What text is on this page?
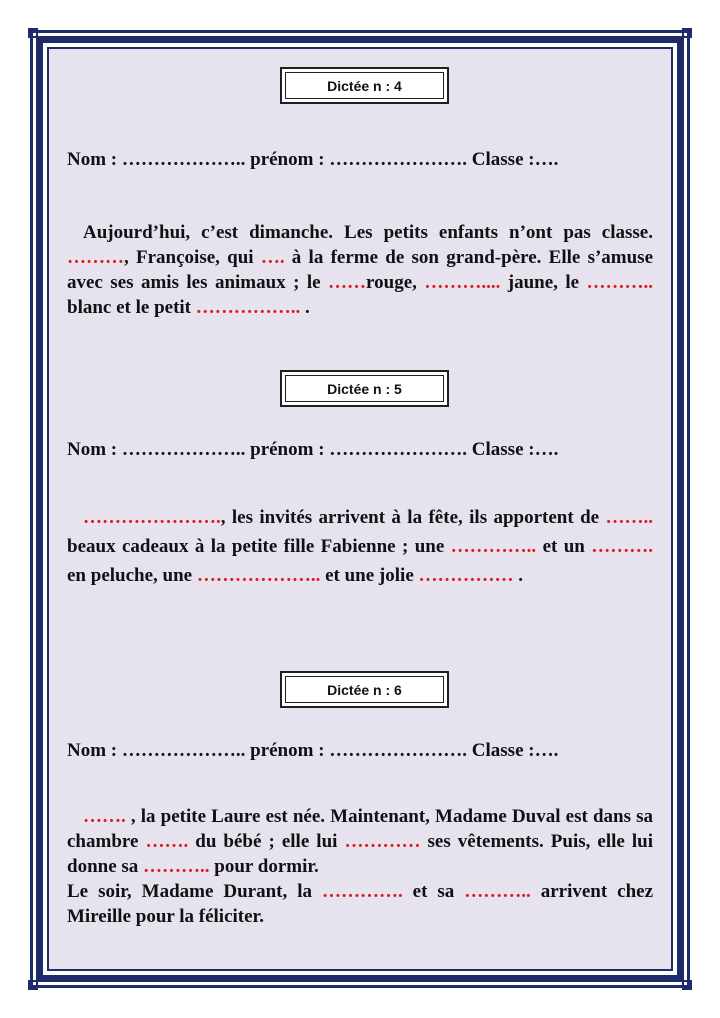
Dictée n : 4
Nom : ……………….. prénom : …………………. Classe :….
Aujourd’hui, c’est dimanche. Les petits enfants n’ont pas classe. ………, Françoise, qui …. à la ferme de son grand-père. Elle s’amuse avec ses amis les animaux ; le ……rouge, ……….... jaune, le ……….. blanc et le petit …………….. .
Dictée n : 5
Nom : ……………….. prénom : …………………. Classe :….
…………………., les invités arrivent à la fête, ils apportent de …….. beaux cadeaux à la petite fille Fabienne ; une ………….. et un ………. en peluche, une ……………….. et une jolie …………… .
Dictée n : 6
Nom : ……………….. prénom : …………………. Classe :….
……. , la petite Laure est née. Maintenant, Madame Duval est dans sa chambre ……. du bébé ; elle lui ………… ses vêtements. Puis, elle lui donne sa ……….. pour dormir.
Le soir, Madame Durant, la …………. et sa ……….. arrivent chez Mireille pour la féliciter.
